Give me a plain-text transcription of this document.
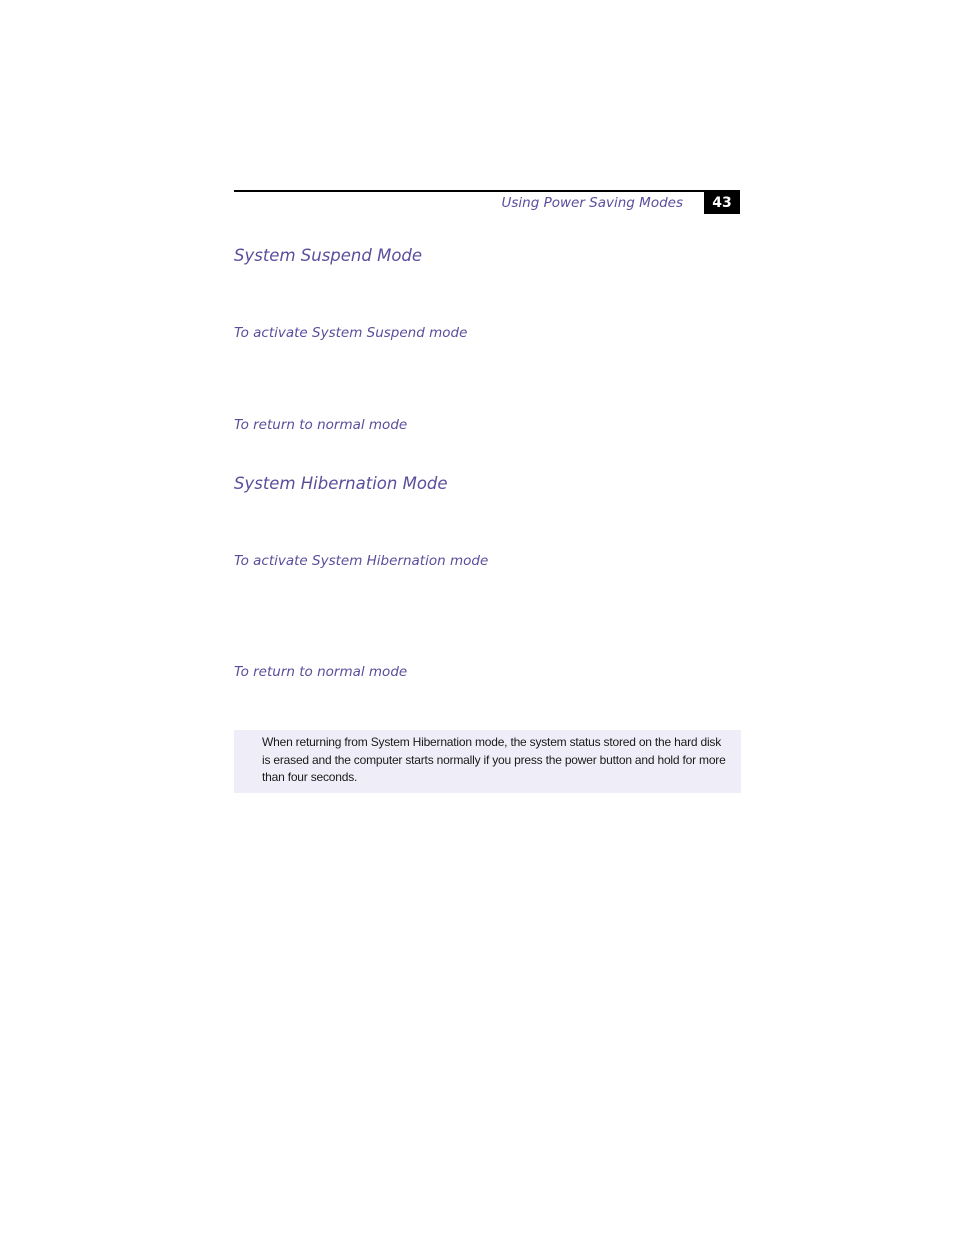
Using Power Saving Modes	43
System Suspend Mode
To activate System Suspend mode
To return to normal mode
System Hibernation Mode
To activate System Hibernation mode
To return to normal mode
When returning from System Hibernation mode, the system status stored on the hard disk is erased and the computer starts normally if you press the power button and hold for more than four seconds.
